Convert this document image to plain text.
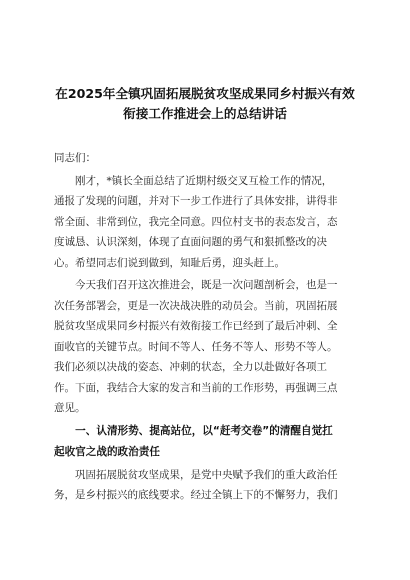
在2025年全镇巩固拓展脱贫攻坚成果同乡村振兴有效
衔接工作推进会上的总结讲话
同志们：
　　刚才，*镇长全面总结了近期村级交叉互检工作的情况，
通报了发现的问题，并对下一步工作进行了具体安排，讲得非
常全面、非常到位，我完全同意。四位村支书的表态发言，态
度诚恳、认识深刻，体现了直面问题的勇气和狠抓整改的决
心。希望同志们说到做到，知耻后勇，迎头赶上。
　　今天我们召开这次推进会，既是一次问题剖析会，也是一
次任务部署会，更是一次决战决胜的动员会。当前，巩固拓展
脱贫攻坚成果同乡村振兴有效衔接工作已经到了最后冲刺、全
面收官的关键节点。时间不等人、任务不等人、形势不等人。
我们必须以决战的姿态、冲刺的状态，全力以赴做好各项工
作。下面，我结合大家的发言和当前的工作形势，再强调三点
意见。
　　一、认清形势、提高站位，以“赶考交卷”的清醒自觉扛
起收官之战的政治责任
　　巩固拓展脱贫攻坚成果，是党中央赋予我们的重大政治任
务，是乡村振兴的底线要求。经过全镇上下的不懈努力，我们
